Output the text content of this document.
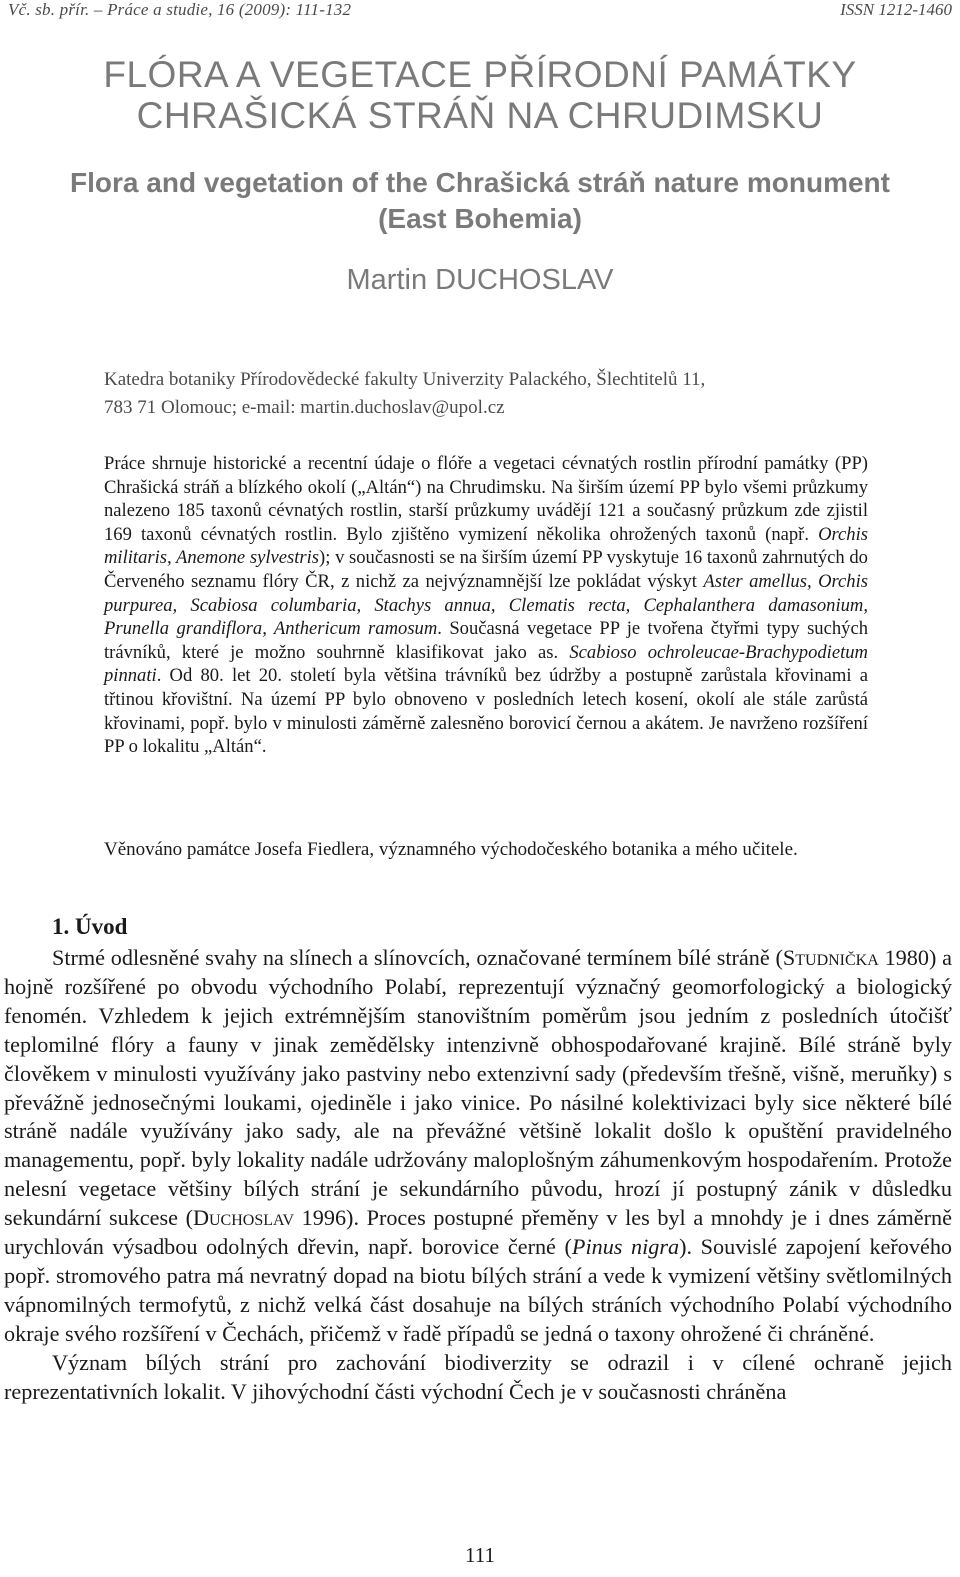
Vč. sb. přír. – Práce a studie, 16 (2009): 111-132	ISSN 1212-1460
FLÓRA A VEGETACE PŘÍRODNÍ PAMÁTKY
CHRAŠICKÁ STRÁŇ NA CHRUDIMSKU
Flora and vegetation of the Chrašická stráň nature monument
(East Bohemia)
Martin DUCHOSLAV
Katedra botaniky Přírodovědecké fakulty Univerzity Palackého, Šlechtitelů 11,
783 71 Olomouc; e-mail: martin.duchoslav@upol.cz
Práce shrnuje historické a recentní údaje o flóře a vegetaci cévnatých rostlin přírodní památky (PP) Chrašická stráň a blízkého okolí („Altán“) na Chrudimsku. Na širším území PP bylo všemi průzkumy nalezeno 185 taxonů cévnatých rostlin, starší průzkumy uvádějí 121 a současný průzkum zde zjistil 169 taxonů cévnatých rostlin. Bylo zjištěno vymizení několika ohrožených taxonů (např. Orchis militaris, Anemone sylvestris); v současnosti se na širším území PP vyskytuje 16 taxonů zahrnutých do Červeného seznamu flóry ČR, z nichž za nejvýznamnější lze pokládat výskyt Aster amellus, Orchis purpurea, Scabiosa columbaria, Stachys annua, Clematis recta, Cephalanthera damasonium, Prunella grandiflora, Anthericum ramosum. Současná vegetace PP je tvořena čtyřmi typy suchých trávníků, které je možno souhrnně klasifikovat jako as. Scabioso ochroleucae-Brachypodietum pinnati. Od 80. let 20. století byla většina trávníků bez údržby a postupně zarůstala křovinami a třtinou křovištní. Na území PP bylo obnoveno v posledních letech kosení, okolí ale stále zarůstá křovinami, popř. bylo v minulosti záměrně zalesněno borovicí černou a akátem. Je navrženo rozšíření PP o lokalitu „Altán“.
Věnováno památce Josefa Fiedlera, významného východočeského botanika a mého učitele.
1. Úvod

Strmé odlesněné svahy na slínech a slínovcích, označované termínem bílé stráně (Studnička 1980) a hojně rozšířené po obvodu východního Polabí, reprezentují význačný geomorfologický a biologický fenomén. Vzhledem k jejich extrémnějším stanovištním poměrům jsou jedním z posledních útočišť teplomilné flóry a fauny v jinak zemědělsky intenzivně obhospodařované krajině. Bílé stráně byly člověkem v minulosti využívány jako pastviny nebo extenzivní sady (především třešně, višně, meruňky) s převážně jednosečnými loukami, ojediněle i jako vinice. Po násilné kolektivizaci byly sice některé bílé stráně nadále využívány jako sady, ale na převážné většině lokalit došlo k opuštění pravidelného managementu, popř. byly lokality nadále udržovány maloplošným záhumenkovým hospodařením. Protože nelesní vegetace většiny bílých strání je sekundárního původu, hrozí jí postupný zánik v důsledku sekundární sukcese (Duchoslav 1996). Proces postupné přeměny v les byl a mnohdy je i dnes záměrně urychlován výsadbou odolných dřevin, např. borovice černé (Pinus nigra). Souvislé zapojení keřového popř. stromového patra má nevratný dopad na biotu bílých strání a vede k vymizení většiny světlomilných vápnomilných termofytů, z nichž velká část dosahuje na bílých stráních východního Polabí východního okraje svého rozšíření v Čechách, přičemž v řadě případů se jedná o taxony ohrožené či chráněné.

Význam bílých strání pro zachování biodiverzity se odrazil i v cílené ochraně jejich reprezentativních lokalit. V jihovýchodní části východní Čech je v současnosti chráněna

111
